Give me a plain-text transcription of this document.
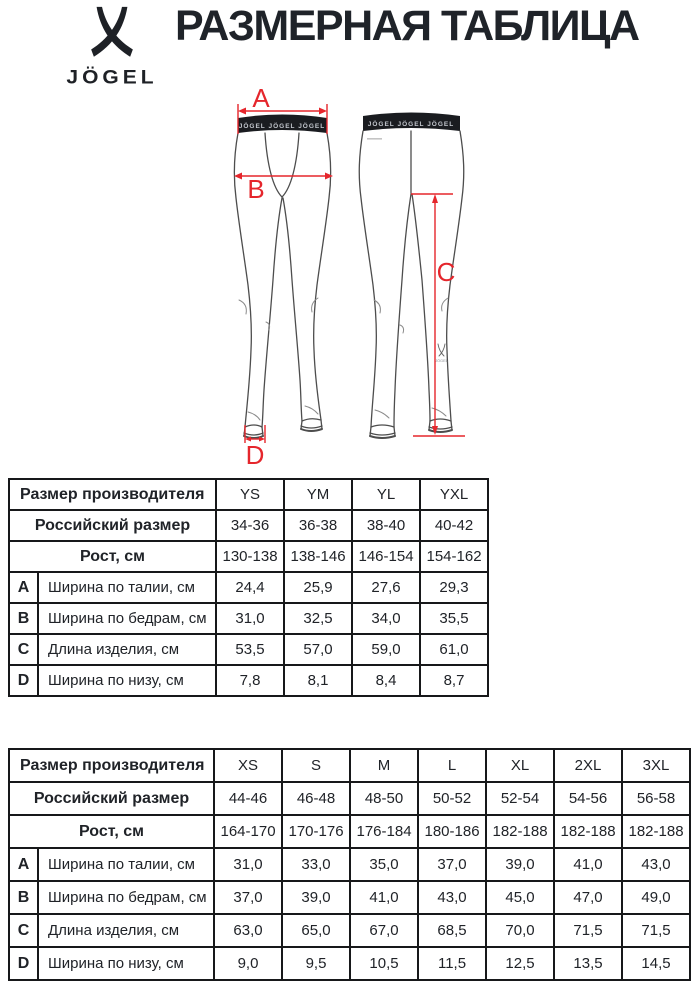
JÖGEL
РАЗМЕРНАЯ ТАБЛИЦА
JÖGEL JÖGEL JÖGEL	JÖGEL JÖGEL JÖGEL
JÖGEL
A
B
C
D
Размер производителя		YS	YM	YL	YXL
Российский размер		34-36	36-38	38-40	40-42
Рост, см		130-138	138-146	146-154	154-162
A	Ширина по талии, см	24,4	25,9	27,6	29,3
B	Ширина по бедрам, см	31,0	32,5	34,0	35,5
C	Длина изделия, см	53,5	57,0	59,0	61,0
D	Ширина по низу, см	7,8	8,1	8,4	8,7
Размер производителя		XS	S	M	L	XL	2XL	3XL
Российский размер		44-46	46-48	48-50	50-52	52-54	54-56	56-58
Рост, см		164-170	170-176	176-184	180-186	182-188	182-188	182-188
A	Ширина по талии, см	31,0	33,0	35,0	37,0	39,0	41,0	43,0
B	Ширина по бедрам, см	37,0	39,0	41,0	43,0	45,0	47,0	49,0
C	Длина изделия, см	63,0	65,0	67,0	68,5	70,0	71,5	71,5
D	Ширина по низу, см	9,0	9,5	10,5	11,5	12,5	13,5	14,5
